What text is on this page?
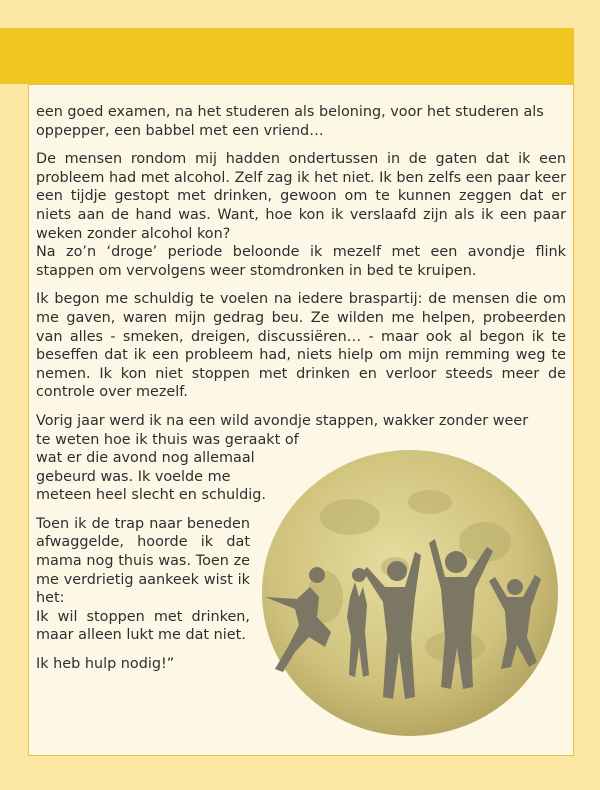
een goed examen, na het studeren als beloning, voor het studeren als oppepper, een babbel met een vriend…

De mensen rondom mij hadden ondertussen in de gaten dat ik een probleem had met alcohol. Zelf zag ik het niet. Ik ben zelfs een paar keer een tijdje gestopt met drinken, gewoon om te kunnen zeggen dat er niets aan de hand was. Want, hoe kon ik verslaafd zijn als ik een paar weken zonder alcohol kon?
Na zo’n ‘droge’ periode beloonde ik mezelf met een avondje flink stappen om vervolgens weer stomdronken in bed te kruipen.

Ik begon me schuldig te voelen na iedere braspartij: de mensen die om me gaven, waren mijn gedrag beu. Ze wilden me helpen, probeerden van alles - smeken, dreigen, discussiëren… - maar ook al begon ik te beseffen dat ik een probleem had, niets hielp om mijn remming weg te nemen. Ik kon niet stoppen met drinken en verloor steeds meer de controle over mezelf.

Vorig jaar werd ik na een wild avondje stappen, wakker zonder weer
te weten hoe ik thuis was geraakt of
wat er die avond nog allemaal gebeurd was. Ik voelde me meteen heel slecht en schuldig.

Toen ik de trap naar beneden afwaggelde, hoorde ik dat mama nog thuis was. Toen ze me verdrietig aankeek wist ik het:
Ik wil stoppen met drinken, maar alleen lukt me dat niet.

Ik heb hulp nodig!”
